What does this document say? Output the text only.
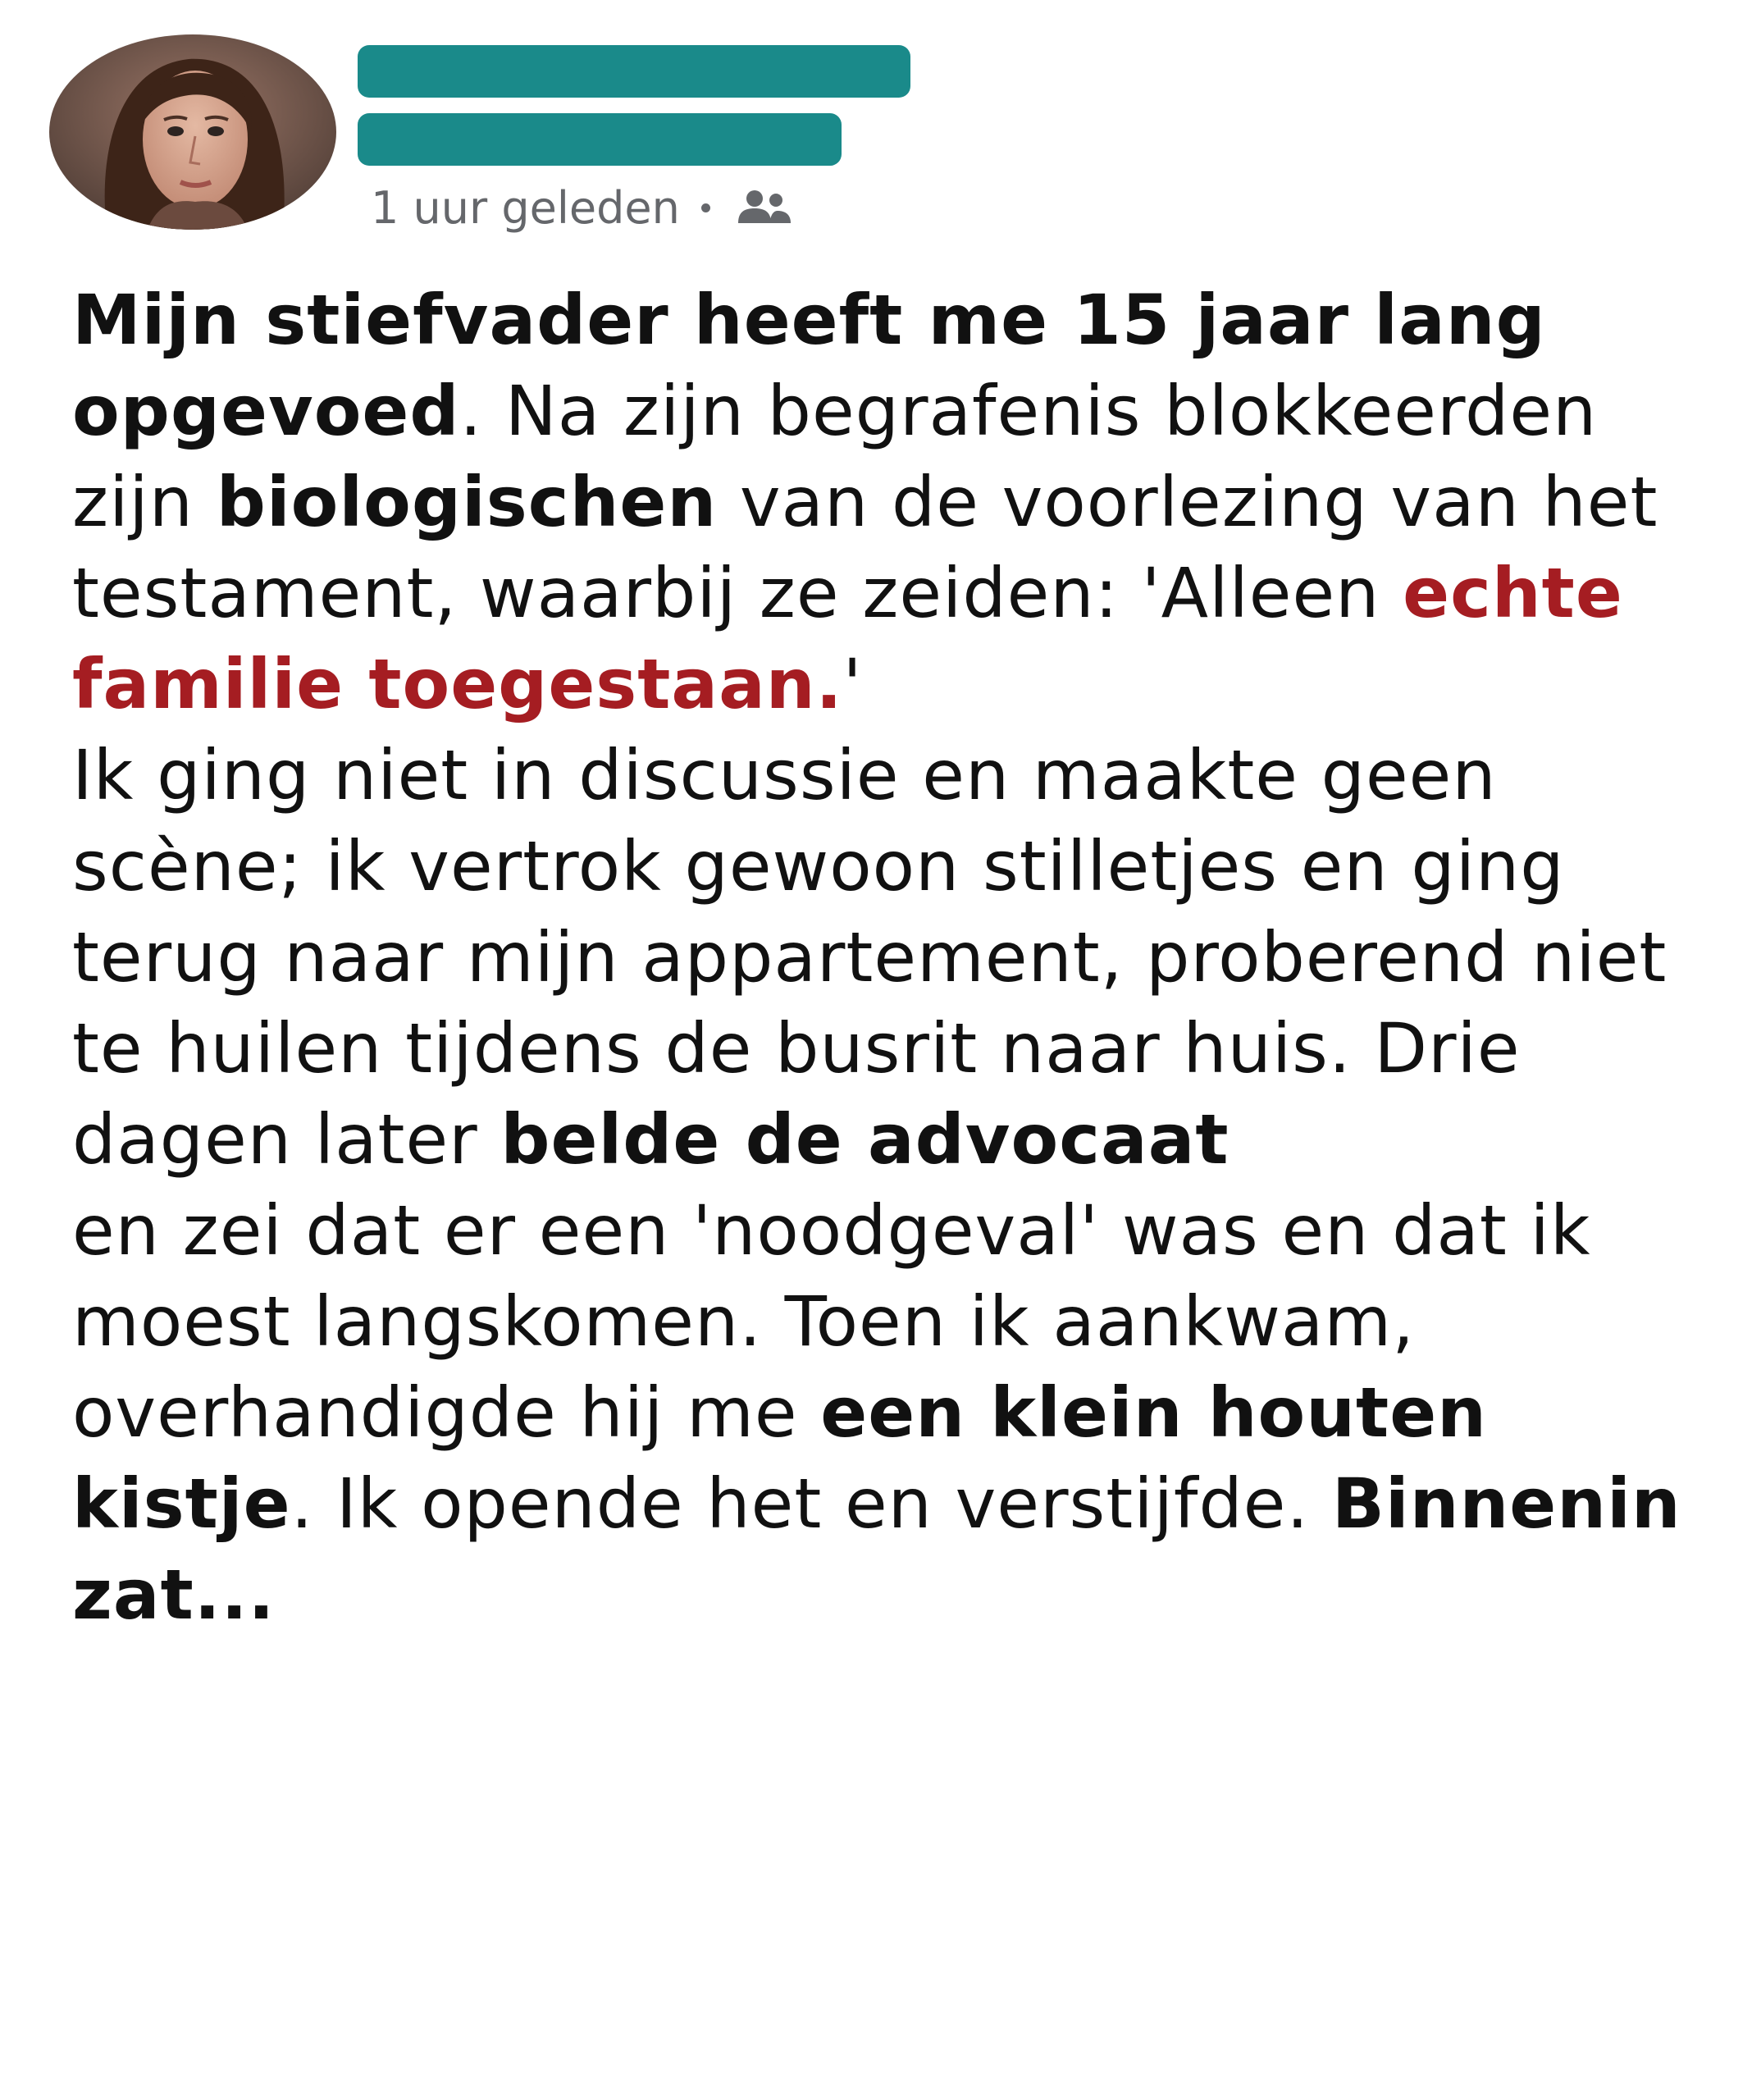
1 uur geleden

Mijn stiefvader heeft me 15 jaar lang opgevoed. Na zijn begrafenis blokkeerden zijn biologischen van de voorlezing van het testament, waarbij ze zeiden: 'Alleen echte familie toegestaan.'
Ik ging niet in discussie en maakte geen scène; ik vertrok gewoon stilletjes en ging terug naar mijn appartement, proberend niet te huilen tijdens de busrit naar huis. Drie dagen later belde de advocaat
en zei dat er een 'noodgeval' was en dat ik moest langskomen. Toen ik aankwam, overhandigde hij me een klein houten kistje. Ik opende het en verstijfde. Binnenin zat...
